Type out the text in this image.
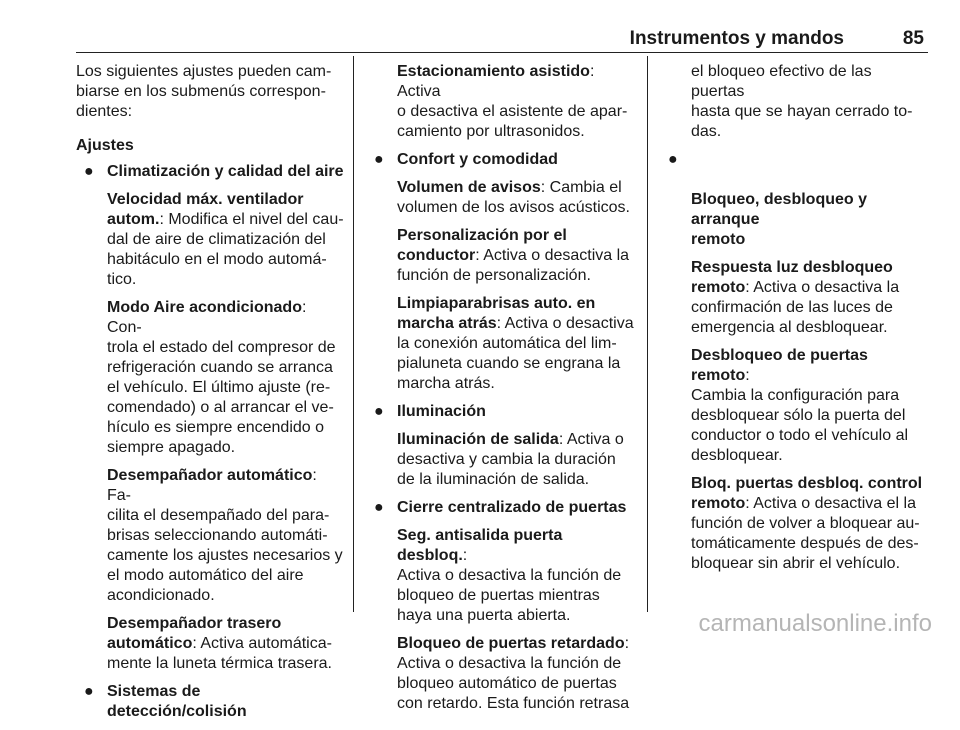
Instrumentos y mandos	85

Los siguientes ajustes pueden cam-
biarse en los submenús correspon-
dientes:

Ajustes
● Climatización y calidad del aire

Velocidad máx. ventilador
autom.: Modifica el nivel del cau-
dal de aire de climatización del
habitáculo en el modo automá-
tico.

Modo Aire acondicionado: Con-
trola el estado del compresor de
refrigeración cuando se arranca
el vehículo. El último ajuste (re-
comendado) o al arrancar el ve-
hículo es siempre encendido o
siempre apagado.

Desempañador automático: Fa-
cilita el desempañado del para-
brisas seleccionando automáti-
camente los ajustes necesarios y
el modo automático del aire
acondicionado.

Desempañador trasero
automático: Activa automática-
mente la luneta térmica trasera.

● Sistemas de detección/colisión

Estacionamiento asistido: Activa
o desactiva el asistente de apar-
camiento por ultrasonidos.

● Confort y comodidad

Volumen de avisos: Cambia el
volumen de los avisos acústicos.

Personalización por el
conductor: Activa o desactiva la
función de personalización.

Limpiaparabrisas auto. en
marcha atrás: Activa o desactiva
la conexión automática del lim-
pialuneta cuando se engrana la
marcha atrás.

● Iluminación

Iluminación de salida: Activa o
desactiva y cambia la duración
de la iluminación de salida.

● Cierre centralizado de puertas

Seg. antisalida puerta desbloq.:
Activa o desactiva la función de
bloqueo de puertas mientras
haya una puerta abierta.

Bloqueo de puertas retardado:
Activa o desactiva la función de
bloqueo automático de puertas
con retardo. Esta función retrasa

el bloqueo efectivo de las puertas
hasta que se hayan cerrado to-
das.

●

Bloqueo, desbloqueo y arranque
remoto

Respuesta luz desbloqueo
remoto: Activa o desactiva la
confirmación de las luces de
emergencia al desbloquear.

Desbloqueo de puertas remoto:
Cambia la configuración para
desbloquear sólo la puerta del
conductor o todo el vehículo al
desbloquear.

Bloq. puertas desbloq. control
remoto: Activa o desactiva el la
función de volver a bloquear au-
tomáticamente después de des-
bloquear sin abrir el vehículo.

carmanualsonline.info
